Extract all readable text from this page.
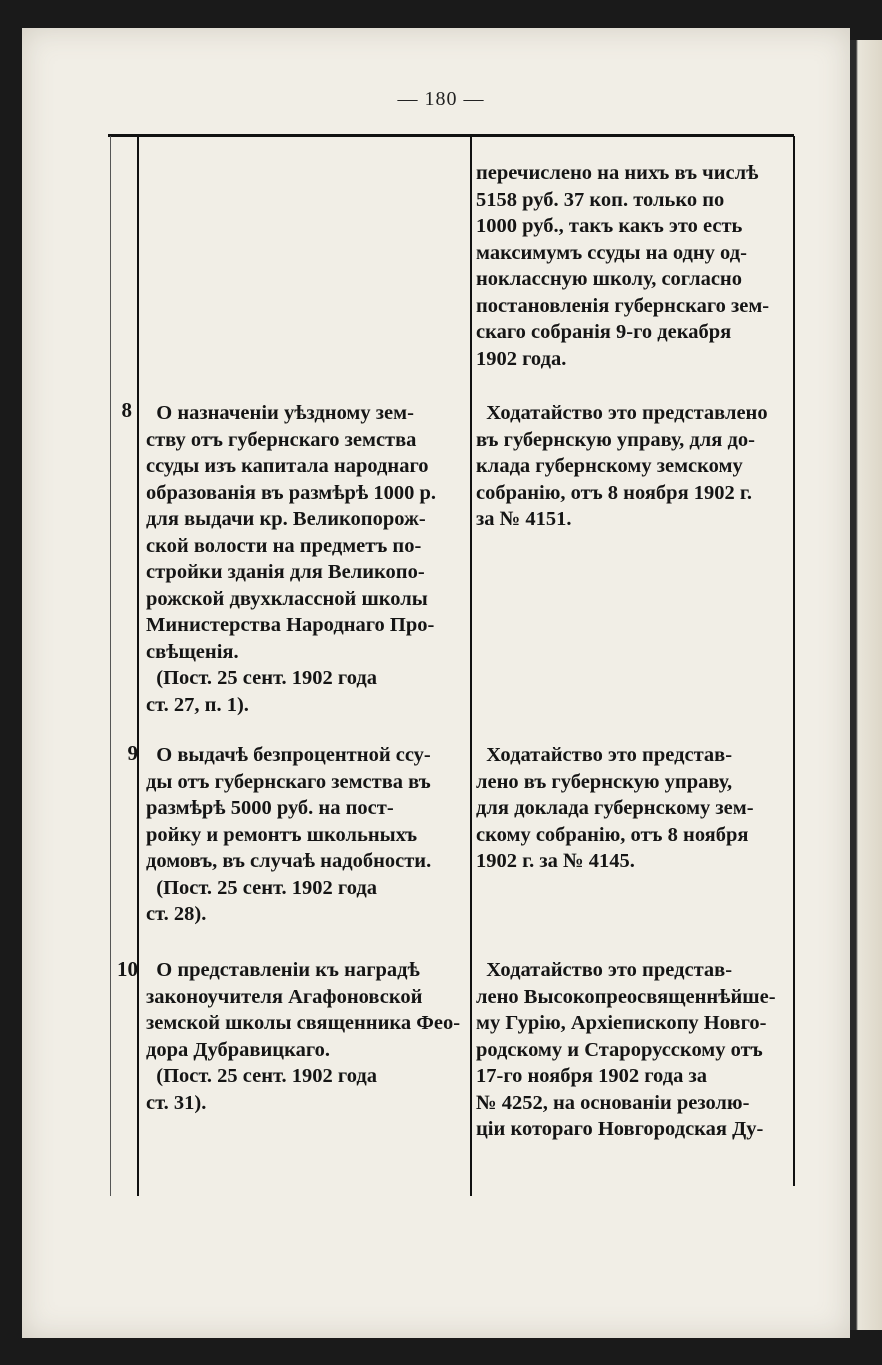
— 180 —
перечислено на нихъ въ числѣ
5158 руб. 37 коп. только по
1000 руб., такъ какъ это есть
максимумъ ссуды на одну од-
ноклассную школу, согласно
постановленія губернскаго зем-
скаго собранія 9-го декабря
1902 года.
8	О назначеніи уѣздному зем-
ству отъ губернскаго земства
ссуды изъ капитала народнаго
образованія въ размѣрѣ 1000 р.
для выдачи кр. Великопорож-
ской волости на предметъ по-
стройки зданія для Великопо-
рожской двухклассной школы
Министерства Народнаго Про-
свѣщенія.
(Пост. 25 сент. 1902 года
ст. 27, п. 1).
Ходатайство это представлено
въ губернскую управу, для до-
клада губернскому земскому
собранію, отъ 8 ноября 1902 г.
за № 4151.
9 О выдачѣ безпроцентной ссу-
ды отъ губернскаго земства въ
размѣрѣ 5000 руб. на пост-
ройку и ремонтъ школьныхъ
домовъ, въ случаѣ надобности.
(Пост. 25 сент. 1902 года
ст. 28).
Ходатайство это представ-
лено въ губернскую управу,
для доклада губернскому зем-
скому собранію, отъ 8 ноября
1902 г. за № 4145.
10 О представленіи къ наградѣ
законоучителя Агафоновской
земской школы священника Фео-
дора Дубравицкаго.
(Пост. 25 сент. 1902 года
ст. 31).
Ходатайство это представ-
лено Высокопреосвященнѣйше-
му Гурію, Архіепископу Новго-
родскому и Старорусскому отъ
17-го ноября 1902 года за
№ 4252, на основаніи резолю-
ціи котораго Новгородская Ду-
